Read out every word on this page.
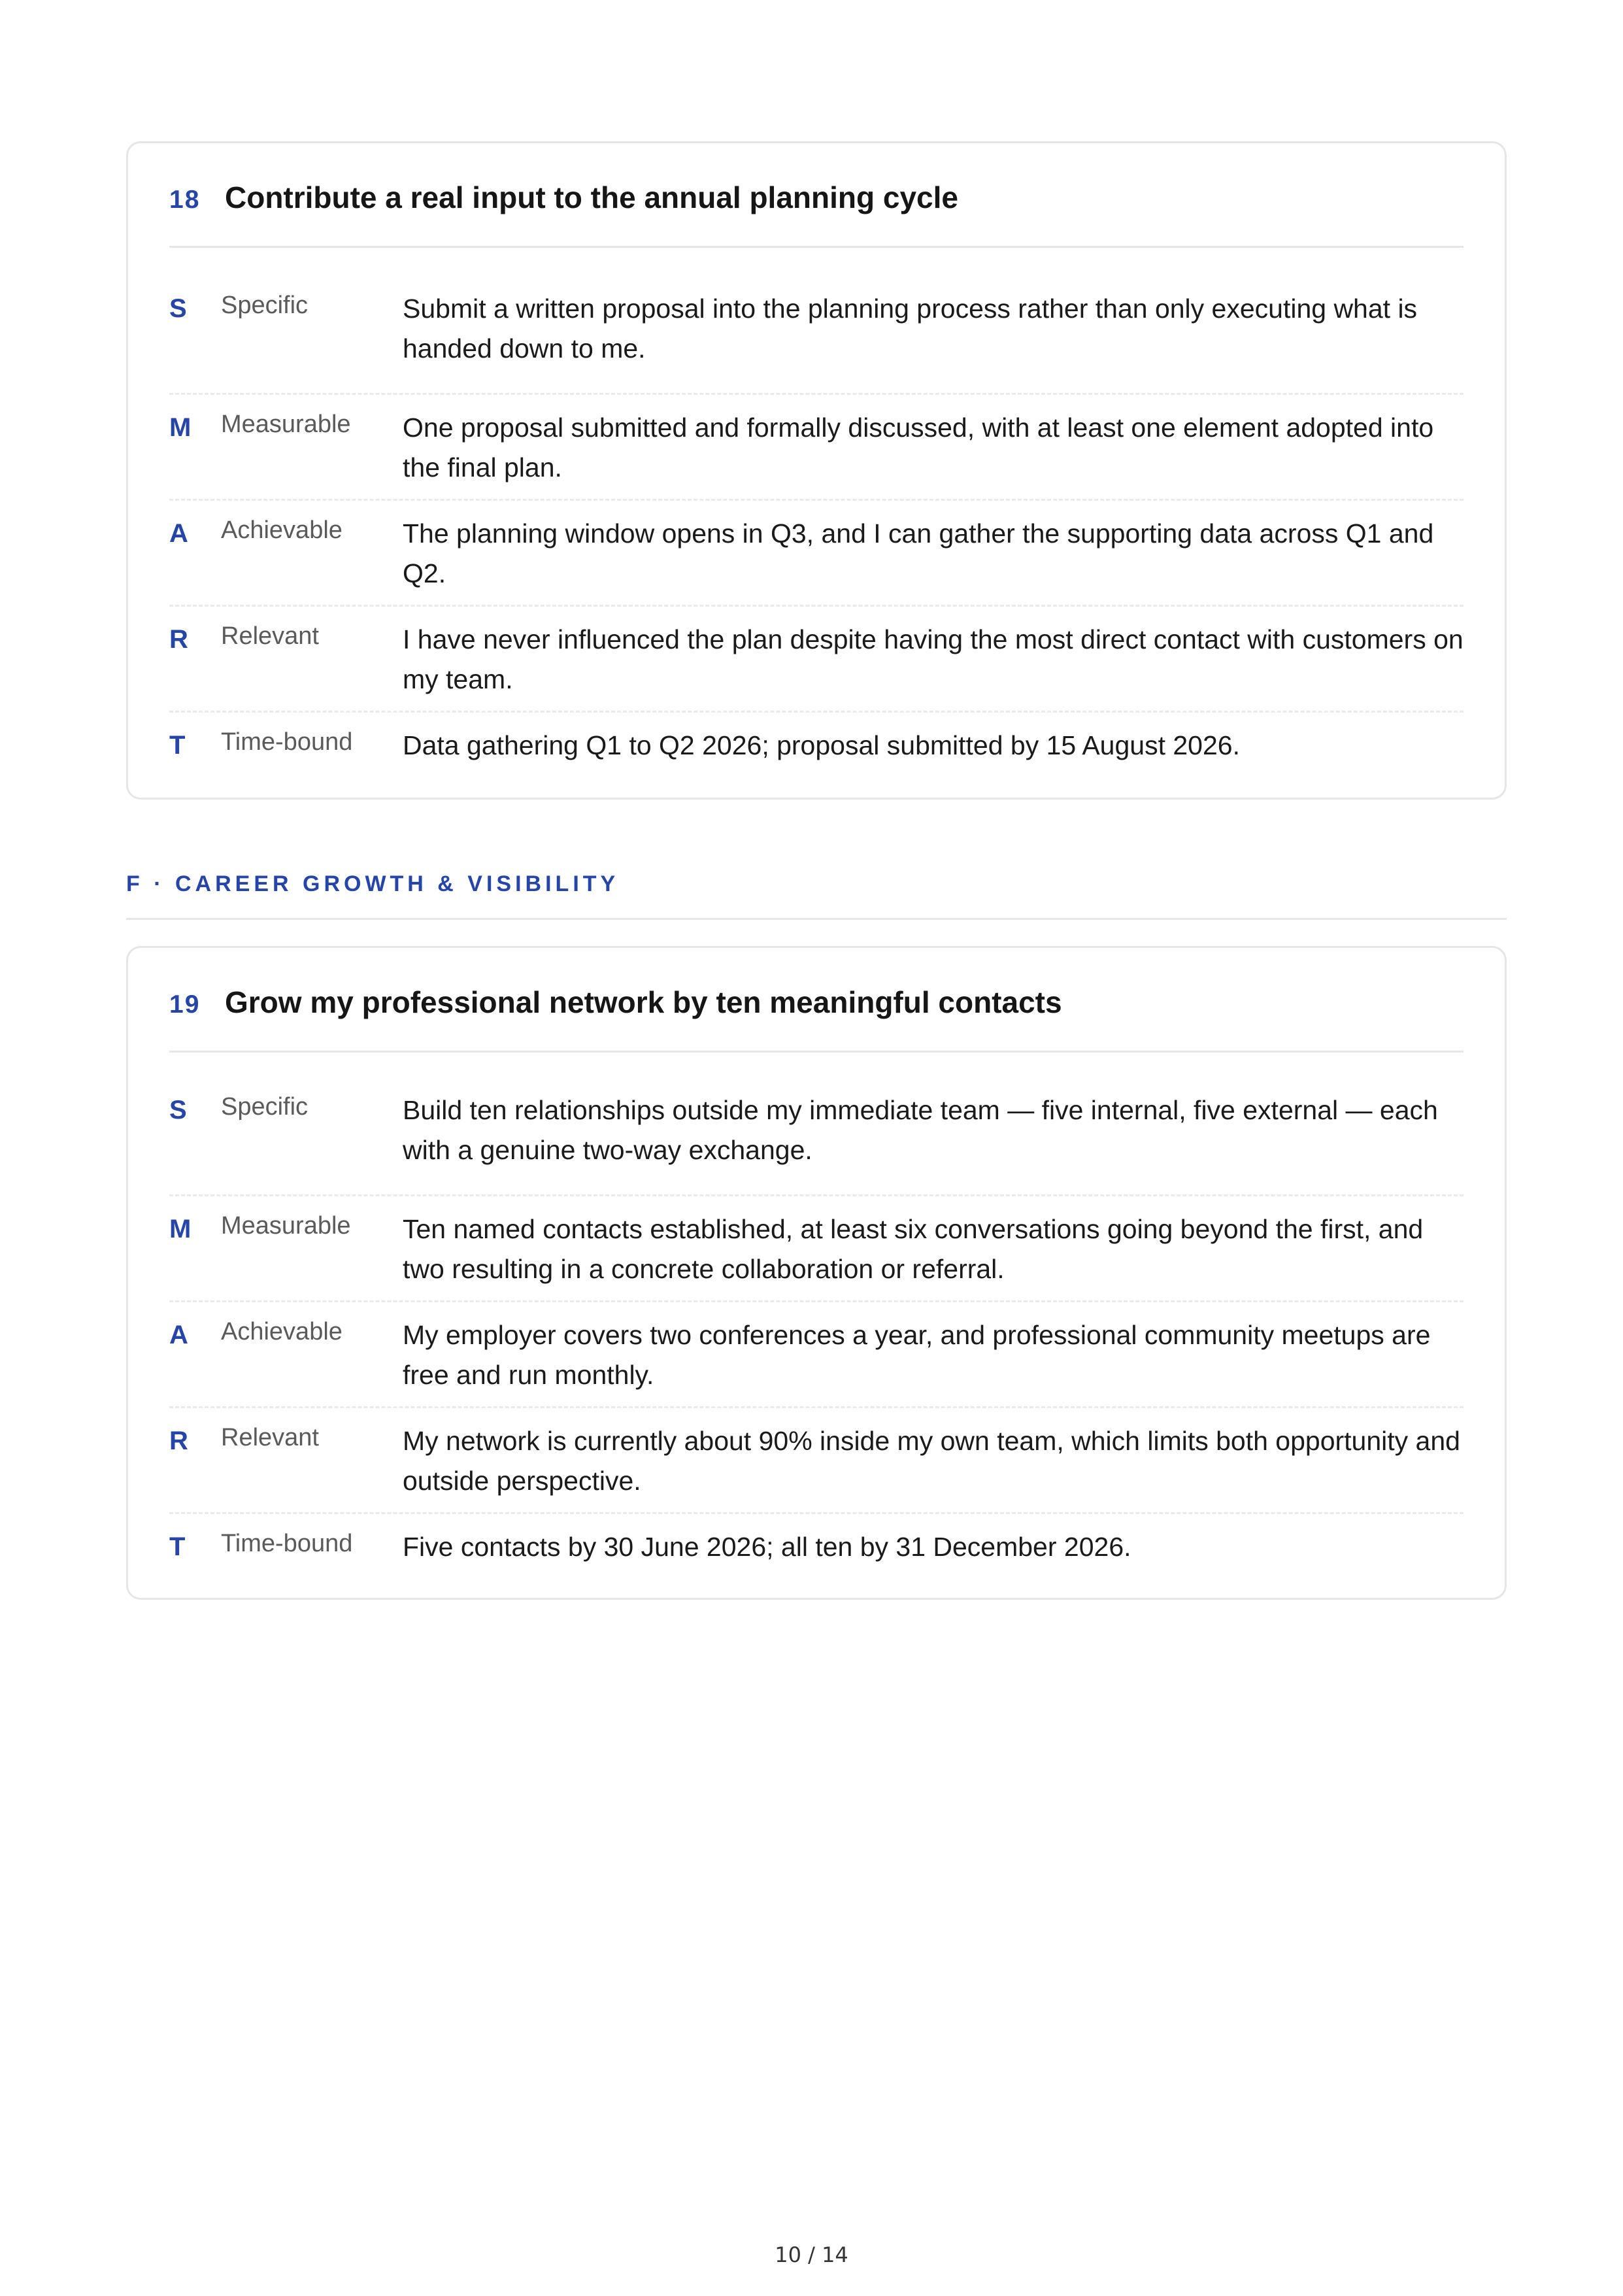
18 Contribute a real input to the annual planning cycle
S	Specific	Submit a written proposal into the planning process rather than only executing what is handed down to me.
M	Measurable	One proposal submitted and formally discussed, with at least one element adopted into the final plan.
A	Achievable	The planning window opens in Q3, and I can gather the supporting data across Q1 and Q2.
R	Relevant	I have never influenced the plan despite having the most direct contact with customers on my team.
T	Time-bound	Data gathering Q1 to Q2 2026; proposal submitted by 15 August 2026.
F · CAREER GROWTH & VISIBILITY
19 Grow my professional network by ten meaningful contacts
S	Specific	Build ten relationships outside my immediate team — five internal, five external — each with a genuine two-way exchange.
M	Measurable	Ten named contacts established, at least six conversations going beyond the first, and two resulting in a concrete collaboration or referral.
A	Achievable	My employer covers two conferences a year, and professional community meetups are free and run monthly.
R	Relevant	My network is currently about 90% inside my own team, which limits both opportunity and outside perspective.
T	Time-bound	Five contacts by 30 June 2026; all ten by 31 December 2026.
10 / 14
